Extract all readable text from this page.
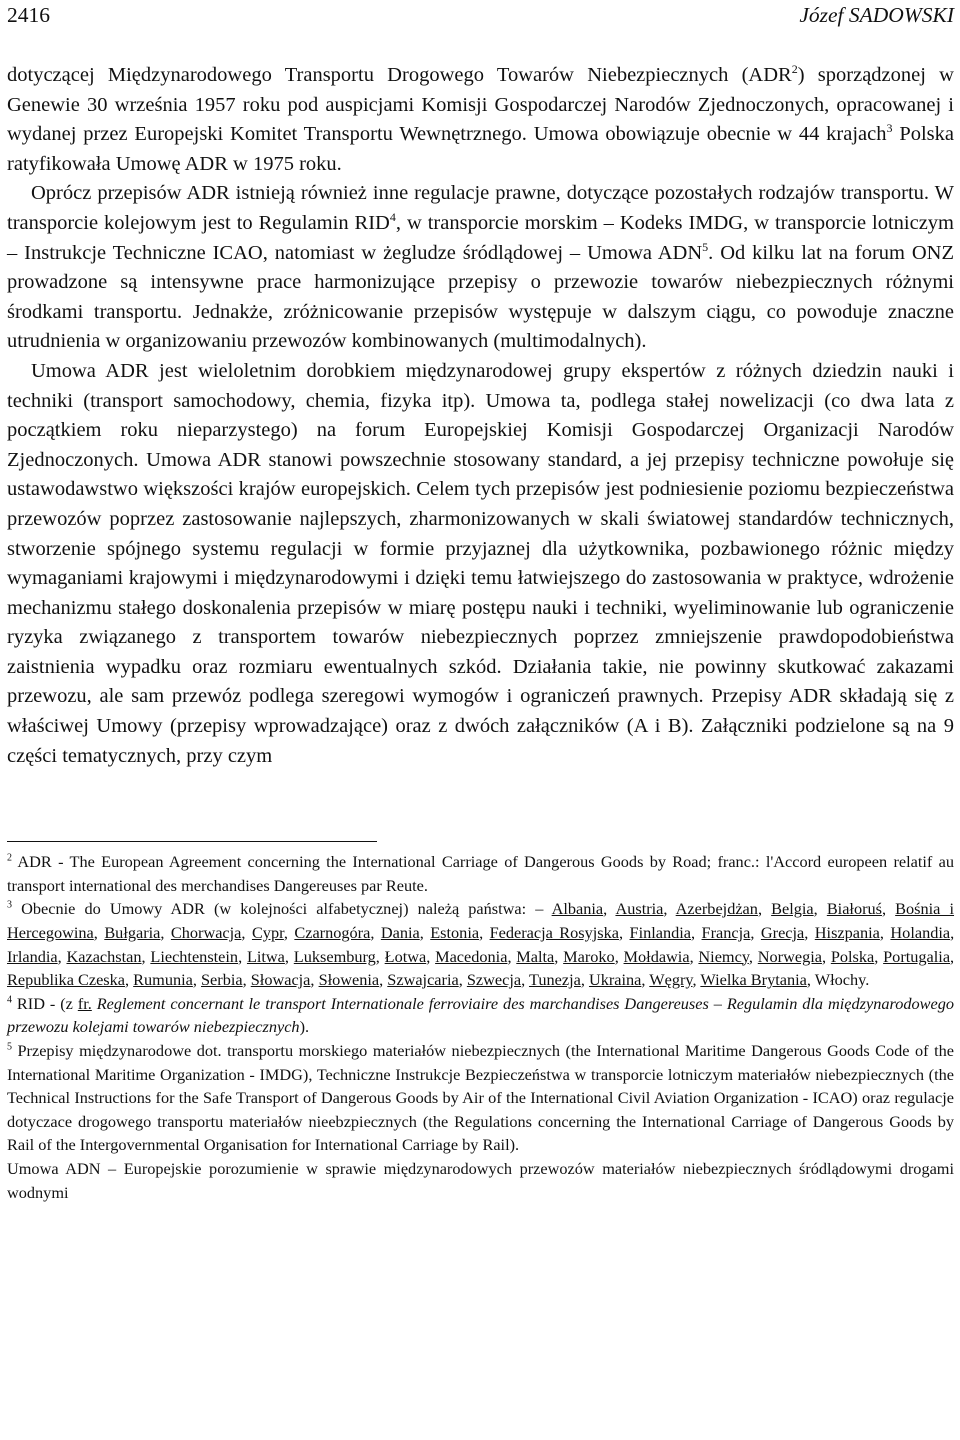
2416	Józef SADOWSKI

dotyczącej Międzynarodowego Transportu Drogowego Towarów Niebezpiecznych (ADR$^2$) sporządzonej w Genewie 30 września 1957 roku pod auspicjami Komisji Gospodarczej Narodów Zjednoczonych, opracowanej i wydanej przez Europejski Komitet Transportu Wewnętrznego. Umowa obowiązuje obecnie w 44 krajach$^3$ Polska ratyfikowała Umowę ADR w 1975 roku.

Oprócz przepisów ADR istnieją również inne regulacje prawne, dotyczące pozostałych rodzajów transportu. W transporcie kolejowym jest to Regulamin RID$^4$, w transporcie morskim – Kodeks IMDG, w transporcie lotniczym – Instrukcje Techniczne ICAO, natomiast w żegludze śródlądowej – Umowa ADN$^5$. Od kilku lat na forum ONZ prowadzone są intensywne prace harmonizujące przepisy o przewozie towarów niebezpiecznych różnymi środkami transportu. Jednakże, zróżnicowanie przepisów występuje w dalszym ciągu, co powoduje znaczne utrudnienia w organizowaniu przewozów kombinowanych (multimodalnych).

Umowa ADR jest wieloletnim dorobkiem międzynarodowej grupy ekspertów z różnych dziedzin nauki i techniki (transport samochodowy, chemia, fizyka itp). Umowa ta, podlega stałej nowelizacji (co dwa lata z początkiem roku nieparzystego) na forum Europejskiej Komisji Gospodarczej Organizacji Narodów Zjednoczonych. Umowa ADR stanowi powszechnie stosowany standard, a jej przepisy techniczne powołuje się ustawodawstwo większości krajów europejskich. Celem tych przepisów jest podniesienie poziomu bezpieczeństwa przewozów poprzez zastosowanie najlepszych, zharmonizowanych w skali światowej standardów technicznych, stworzenie spójnego systemu regulacji w formie przyjaznej dla użytkownika, pozbawionego różnic między wymaganiami krajowymi i międzynarodowymi i dzięki temu łatwiejszego do zastosowania w praktyce, wdrożenie mechanizmu stałego doskonalenia przepisów w miarę postępu nauki i techniki, wyeliminowanie lub ograniczenie ryzyka związanego z transportem towarów niebezpiecznych poprzez zmniejszenie prawdopodobieństwa zaistnienia wypadku oraz rozmiaru ewentualnych szkód. Działania takie, nie powinny skutkować zakazami przewozu, ale sam przewóz podlega szeregowi wymogów i ograniczeń prawnych. Przepisy ADR składają się z właściwej Umowy (przepisy wprowadzające) oraz z dwóch załączników (A i B). Załączniki podzielone są na 9 części tematycznych, przy czym

$^2$ ADR - The European Agreement concerning the International Carriage of Dangerous Goods by Road; franc.: l'Accord europeen relatif au transport international des merchandises Dangereuses par Reute.

$^3$ Obecnie do Umowy ADR (w kolejności alfabetycznej) należą państwa: – Albania, Austria, Azerbejdżan, Belgia, Białoruś, Bośnia i Hercegowina, Bułgaria, Chorwacja, Cypr, Czarnogóra, Dania, Estonia, Federacja Rosyjska, Finlandia, Francja, Grecja, Hiszpania, Holandia, Irlandia, Kazachstan, Liechtenstein, Litwa, Luksemburg, Łotwa, Macedonia, Malta, Maroko, Mołdawia, Niemcy, Norwegia, Polska, Portugalia, Republika Czeska, Rumunia, Serbia, Słowacja, Słowenia, Szwajcaria, Szwecja, Tunezja, Ukraina, Węgry, Wielka Brytania, Włochy.

$^4$ RID - (z fr. Reglement concernant le transport Internationale ferroviaire des marchandises Dangereuses – Regulamin dla międzynarodowego przewozu kolejami towarów niebezpiecznych).

$^5$ Przepisy międzynarodowe dot. transportu morskiego materiałów niebezpiecznych (the International Maritime Dangerous Goods Code of the International Maritime Organization - IMDG), Techniczne Instrukcje Bezpieczeństwa w transporcie lotniczym materiałów niebezpiecznych (the Technical Instructions for the Safe Transport of Dangerous Goods by Air of the International Civil Aviation Organization - ICAO) oraz regulacje dotyczace drogowego transportu materiałów nieebzpiecznych (the Regulations concerning the International Carriage of Dangerous Goods by Rail of the Intergovernmental Organisation for International Carriage by Rail).

Umowa ADN – Europejskie porozumienie w sprawie międzynarodowych przewozów materiałów niebezpiecznych śródlądowymi drogami wodnymi
